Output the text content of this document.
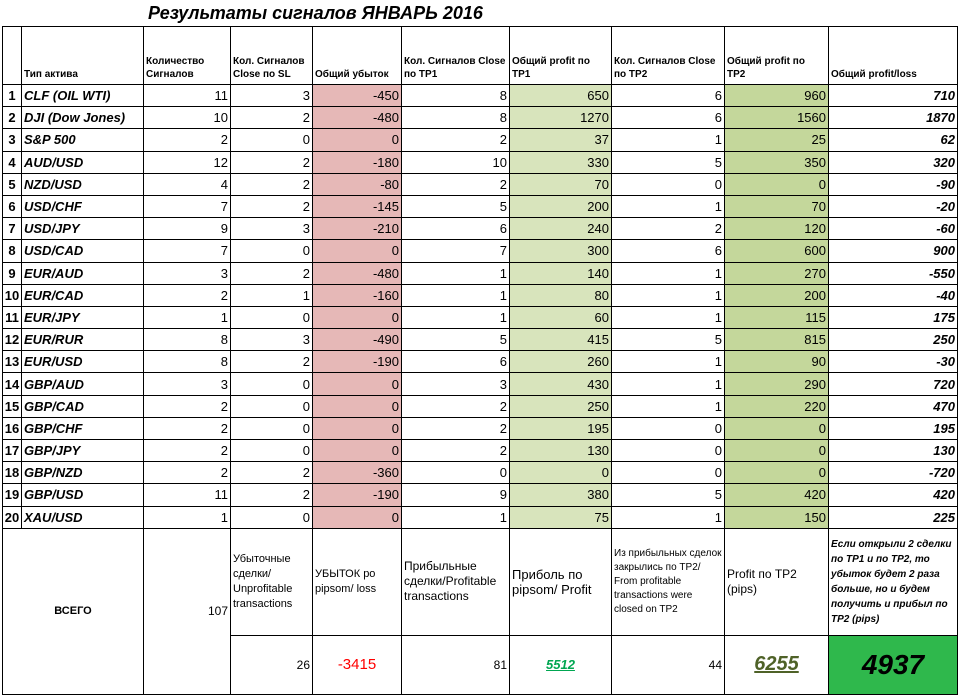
Результаты сигналов ЯНВАРЬ 2016
	Тип актива	Количество Сигналов	Кол. Сигналов Close по SL	Общий убыток	Кол. Сигналов Close по TP1	Общий profit по TP1	Кол. Сигналов Close по TP2	Общий profit по TP2	Общий profit/loss
1	CLF (OIL WTI)	11	3	-450	8	650	6	960	710
2	DJI (Dow Jones)	10	2	-480	8	1270	6	1560	1870
3	S&P 500	2	0	0	2	37	1	25	62
4	AUD/USD	12	2	-180	10	330	5	350	320
5	NZD/USD	4	2	-80	2	70	0	0	-90
6	USD/CHF	7	2	-145	5	200	1	70	-20
7	USD/JPY	9	3	-210	6	240	2	120	-60
8	USD/CAD	7	0	0	7	300	6	600	900
9	EUR/AUD	3	2	-480	1	140	1	270	-550
10	EUR/CAD	2	1	-160	1	80	1	200	-40
11	EUR/JPY	1	0	0	1	60	1	115	175
12	EUR/RUR	8	3	-490	5	415	5	815	250
13	EUR/USD	8	2	-190	6	260	1	90	-30
14	GBP/AUD	3	0	0	3	430	1	290	720
15	GBP/CAD	2	0	0	2	250	1	220	470
16	GBP/CHF	2	0	0	2	195	0	0	195
17	GBP/JPY	2	0	0	2	130	0	0	130
18	GBP/NZD	2	2	-360	0	0	0	0	-720
19	GBP/USD	11	2	-190	9	380	5	420	420
20	XAU/USD	1	0	0	1	75	1	150	225
ВСЕГО		107	Убыточные сделки/ Unprofitable transactions	УБЫТОК ро pipsom/ loss	Прибыльные сделки/Profitable transactions	Приболь по pipsom/ Profit	Из прибыльных сделок закрылись по TP2/ From profitable transactions were closed on TP2	Profit по TP2 (pips)	Если открыли 2 сделки по TP1 и по TP2, то убыток будет 2 раза больше, но и будем получить и прибыл по TP2 (pips)
			26	-3415	81	5512	44	6255	4937
